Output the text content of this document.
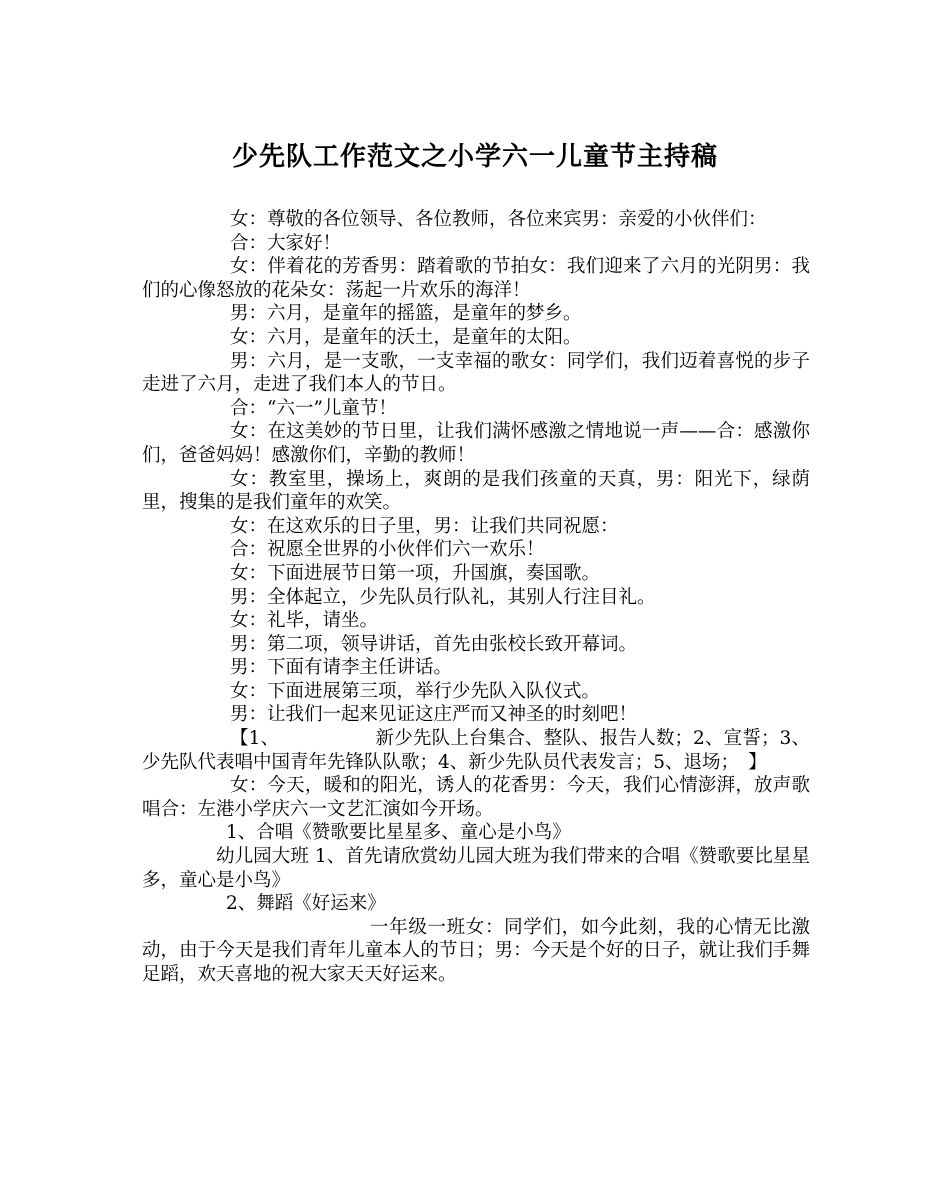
少先队工作范文之小学六一儿童节主持稿

女：尊敬的各位领导、各位教师，各位来宾男：亲爱的小伙伴们：

合：大家好！

女：伴着花的芳香男：踏着歌的节拍女：我们迎来了六月的光阴男：我们的心像怒放的花朵女：荡起一片欢乐的海洋！

男：六月，是童年的摇篮，是童年的梦乡。

女：六月，是童年的沃土，是童年的太阳。

男：六月，是一支歌，一支幸福的歌女：同学们，我们迈着喜悦的步子走进了六月，走进了我们本人的节日。

合：“六一”儿童节！

女：在这美妙的节日里，让我们满怀感激之情地说一声——合：感激你们，爸爸妈妈！感激你们，辛勤的教师！

女：教室里，操场上，爽朗的是我们孩童的天真，男：阳光下，绿荫里，搜集的是我们童年的欢笑。

女：在这欢乐的日子里，男：让我们共同祝愿：

合：祝愿全世界的小伙伴们六一欢乐！

女：下面进展节日第一项，升国旗，奏国歌。

男：全体起立，少先队员行队礼，其别人行注目礼。

女：礼毕，请坐。

男：第二项，领导讲话，首先由张校长致开幕词。

男：下面有请李主任讲话。

女：下面进展第三项，举行少先队入队仪式。

男：让我们一起来见证这庄严而又神圣的时刻吧！

【1、	新少先队上台集合、整队、报告人数；2、宣誓；3、少先队代表唱中国青年先锋队队歌；4、新少先队员代表发言；5、退场；　】

女：今天，暖和的阳光，诱人的花香男：今天，我们心情澎湃，放声歌唱合：左港小学庆六一文艺汇演如今开场。

1、合唱《赞歌要比星星多、童心是小鸟》

幼儿园大班 1、首先请欣赏幼儿园大班为我们带来的合唱《赞歌要比星星多，童心是小鸟》

2、舞蹈《好运来》

一年级一班女：同学们，如今此刻，我的心情无比激动，由于今天是我们青年儿童本人的节日；男：今天是个好的日子，就让我们手舞足蹈，欢天喜地的祝大家天天好运来。
